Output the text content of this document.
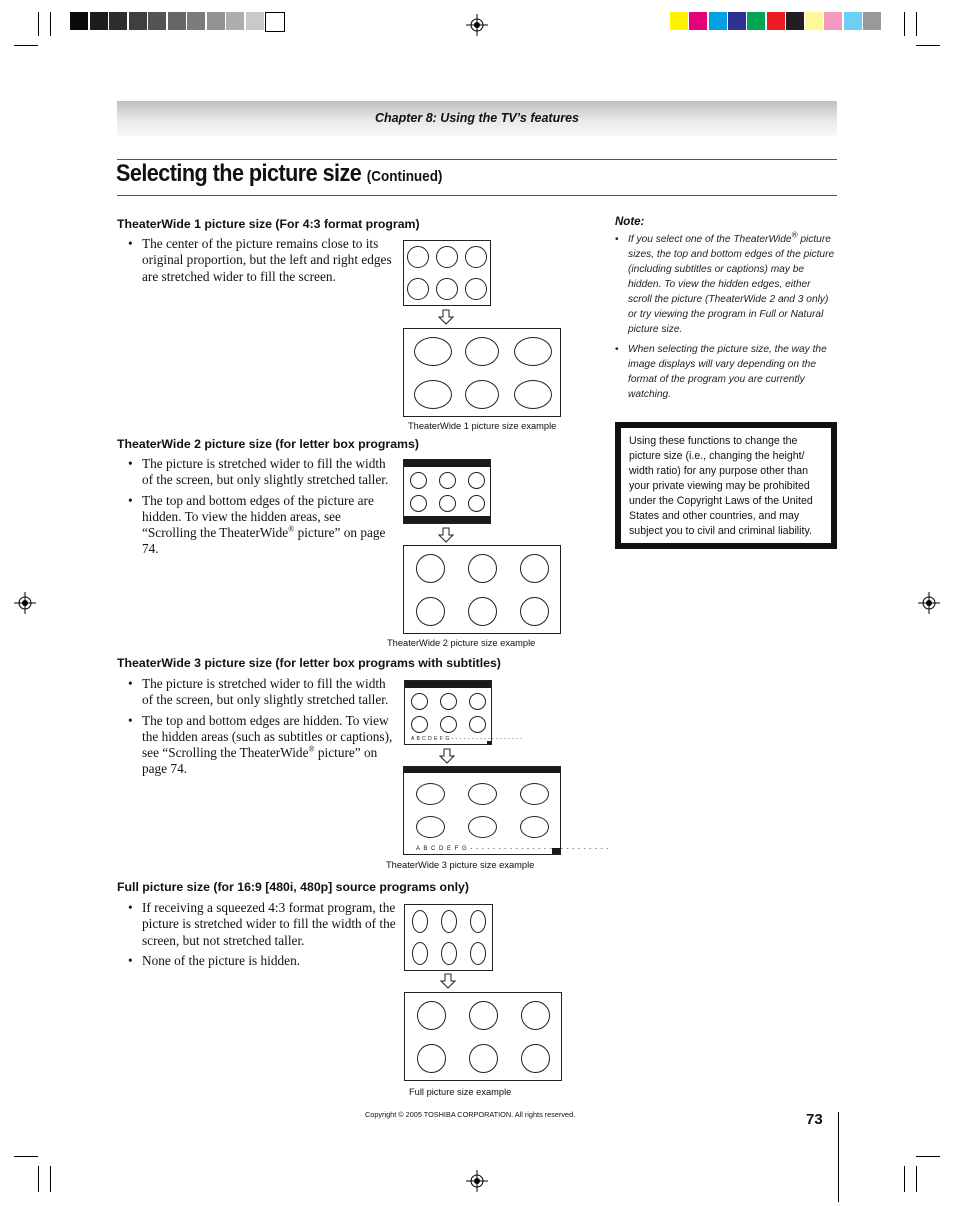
Chapter 8: Using the TV’s features
Selecting the picture size (Continued)
TheaterWide 1 picture size (For 4:3 format program)
• The center of the picture remains close to its original proportion, but the left and right edges are stretched wider to fill the screen.
TheaterWide 1 picture size example
TheaterWide 2 picture size (for letter box programs)
• The picture is stretched wider to fill the width of the screen, but only slightly stretched taller.
• The top and bottom edges of the picture are hidden. To view the hidden areas, see “Scrolling the TheaterWide® picture” on page 74.
TheaterWide 2 picture size example
TheaterWide 3 picture size (for letter box programs with subtitles)
• The picture is stretched wider to fill the width of the screen, but only slightly stretched taller.
• The top and bottom edges are hidden. To view the hidden areas (such as subtitles or captions), see “Scrolling the TheaterWide® picture” on page 74.
A B C D E F G - - - - - - - - - - - - - - - - - -
A B C D E F G - - - - - - - - - - - - - - - - - - - - - - - - -
TheaterWide 3 picture size example
Full picture size (for 16:9 [480i, 480p] source programs only)
• If receiving a squeezed 4:3 format program, the picture is stretched wider to fill the width of the screen, but not stretched taller.
• None of the picture is hidden.
Full picture size example
Note:
• If you select one of the TheaterWide® picture sizes, the top and bottom edges of the picture (including subtitles or captions) may be hidden. To view the hidden edges, either scroll the picture (TheaterWide 2 and 3 only) or try viewing the program in Full or Natural picture size.
• When selecting the picture size, the way the image displays will vary depending on the format of the program you are currently watching.
Using these functions to change the picture size (i.e., changing the height/ width ratio) for any purpose other than your private viewing may be prohibited under the Copyright Laws of the United States and other countries, and may subject you to civil and criminal liability.
Copyright © 2005 TOSHIBA CORPORATION. All rights reserved.	73
